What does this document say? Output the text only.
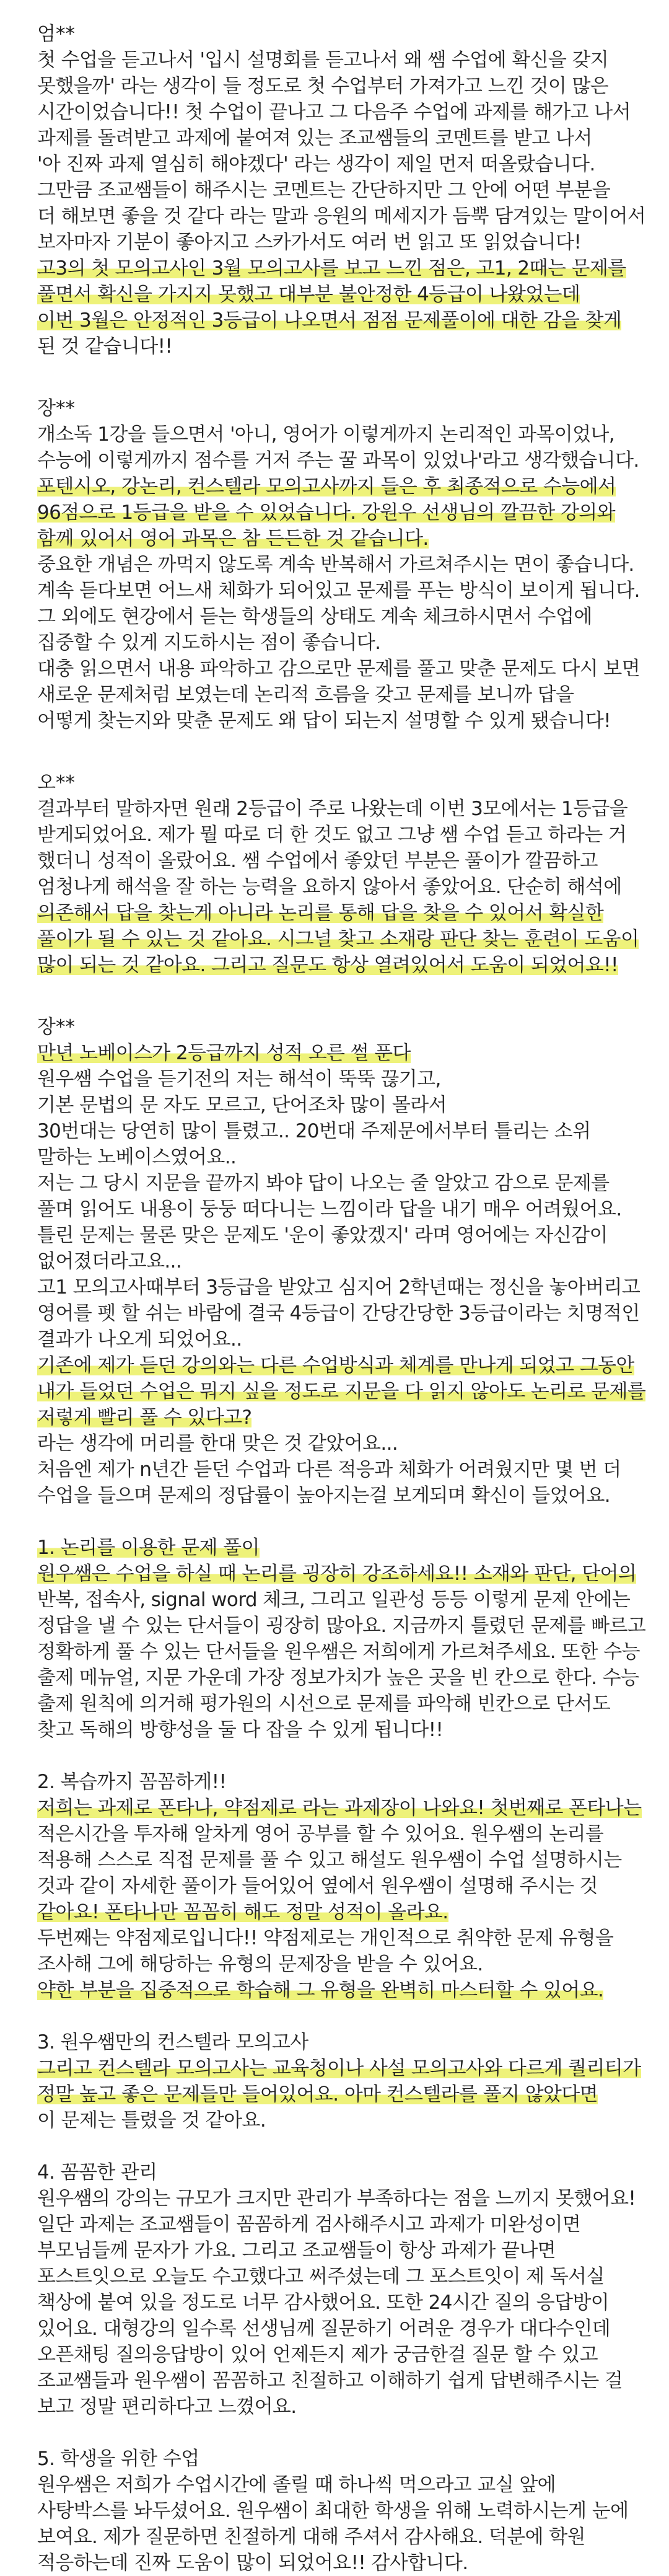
엄**
첫 수업을 듣고나서 '입시 설명회를 듣고나서 왜 쌤 수업에 확신을 갖지
못했을까' 라는 생각이 들 정도로 첫 수업부터 가져가고 느낀 것이 많은
시간이었습니다!! 첫 수업이 끝나고 그 다음주 수업에 과제를 해가고 나서
과제를 돌려받고 과제에 붙여져 있는 조교쌤들의 코멘트를 받고 나서
'아 진짜 과제 열심히 해야겠다' 라는 생각이 제일 먼저 떠올랐습니다.
그만큼 조교쌤들이 해주시는 코멘트는 간단하지만 그 안에 어떤 부분을
더 해보면 좋을 것 같다 라는 말과 응원의 메세지가 듬뿍 담겨있는 말이어서
보자마자 기분이 좋아지고 스카가서도 여러 번 읽고 또 읽었습니다!
고3의 첫 모의고사인 3월 모의고사를 보고 느낀 점은, 고1, 2때는 문제를
풀면서 확신을 가지지 못했고 대부분 불안정한 4등급이 나왔었는데
이번 3월은 안정적인 3등급이 나오면서 점점 문제풀이에 대한 감을 찾게
된 것 같습니다!!
장**
개소독 1강을 들으면서 '아니, 영어가 이렇게까지 논리적인 과목이었나,
수능에 이렇게까지 점수를 거저 주는 꿀 과목이 있었나'라고 생각했습니다.
포텐시오, 강논리, 컨스텔라 모의고사까지 들은 후 최종적으로 수능에서
96점으로 1등급을 받을 수 있었습니다. 강원우 선생님의 깔끔한 강의와
함께 있어서 영어 과목은 참 든든한 것 같습니다.
중요한 개념은 까먹지 않도록 계속 반복해서 가르쳐주시는 면이 좋습니다.
계속 듣다보면 어느새 체화가 되어있고 문제를 푸는 방식이 보이게 됩니다.
그 외에도 현강에서 듣는 학생들의 상태도 계속 체크하시면서 수업에
집중할 수 있게 지도하시는 점이 좋습니다.
대충 읽으면서 내용 파악하고 감으로만 문제를 풀고 맞춘 문제도 다시 보면
새로운 문제처럼 보였는데 논리적 흐름을 갖고 문제를 보니까 답을
어떻게 찾는지와 맞춘 문제도 왜 답이 되는지 설명할 수 있게 됐습니다!
오**
결과부터 말하자면 원래 2등급이 주로 나왔는데 이번 3모에서는 1등급을
받게되었어요. 제가 뭘 따로 더 한 것도 없고 그냥 쌤 수업 듣고 하라는 거
했더니 성적이 올랐어요. 쌤 수업에서 좋았던 부분은 풀이가 깔끔하고
엄청나게 해석을 잘 하는 능력을 요하지 않아서 좋았어요. 단순히 해석에
의존해서 답을 찾는게 아니라 논리를 통해 답을 찾을 수 있어서 확실한
풀이가 될 수 있는 것 같아요. 시그널 찾고 소재랑 판단 찾는 훈련이 도움이
많이 되는 것 같아요. 그리고 질문도 항상 열려있어서 도움이 되었어요!!
장**
만년 노베이스가 2등급까지 성적 오른 썰 푼다
원우쌤 수업을 듣기전의 저는 해석이 뚝뚝 끊기고,
기본 문법의 문 자도 모르고, 단어조차 많이 몰라서
30번대는 당연히 많이 틀렸고.. 20번대 주제문에서부터 틀리는 소위
말하는 노베이스였어요..
저는 그 당시 지문을 끝까지 봐야 답이 나오는 줄 알았고 감으로 문제를
풀며 읽어도 내용이 둥둥 떠다니는 느낌이라 답을 내기 매우 어려웠어요.
틀린 문제는 물론 맞은 문제도 '운이 좋았겠지' 라며 영어에는 자신감이
없어졌더라고요...
고1 모의고사때부터 3등급을 받았고 심지어 2학년때는 정신을 놓아버리고
영어를 펫 할 쉬는 바람에 결국 4등급이 간당간당한 3등급이라는 치명적인
결과가 나오게 되었어요..
기존에 제가 듣던 강의와는 다른 수업방식과 체계를 만나게 되었고 그동안
내가 들었던 수업은 뭐지 싶을 정도로 지문을 다 읽지 않아도 논리로 문제를
저렇게 빨리 풀 수 있다고?
라는 생각에 머리를 한대 맞은 것 같았어요...
처음엔 제가 n년간 듣던 수업과 다른 적응과 체화가 어려웠지만 몇 번 더
수업을 들으며 문제의 정답률이 높아지는걸 보게되며 확신이 들었어요.
1. 논리를 이용한 문제 풀이
원우쌤은 수업을 하실 때 논리를 굉장히 강조하세요!! 소재와 판단, 단어의
반복, 접속사, signal word 체크, 그리고 일관성 등등 이렇게 문제 안에는
정답을 낼 수 있는 단서들이 굉장히 많아요. 지금까지 틀렸던 문제를 빠르고
정확하게 풀 수 있는 단서들을 원우쌤은 저희에게 가르쳐주세요. 또한 수능
출제 메뉴얼, 지문 가운데 가장 정보가치가 높은 곳을 빈 칸으로 한다. 수능
출제 원칙에 의거해 평가원의 시선으로 문제를 파악해 빈칸으로 단서도
찾고 독해의 방향성을 둘 다 잡을 수 있게 됩니다!!
2. 복습까지 꼼꼼하게!!
저희는 과제로 폰타나, 약점제로 라는 과제장이 나와요! 첫번째로 폰타나는
적은시간을 투자해 알차게 영어 공부를 할 수 있어요. 원우쌤의 논리를
적용해 스스로 직접 문제를 풀 수 있고 해설도 원우쌤이 수업 설명하시는
것과 같이 자세한 풀이가 들어있어 옆에서 원우쌤이 설명해 주시는 것
같아요! 폰타나만 꼼꼼히 해도 정말 성적이 올라요.
두번째는 약점제로입니다!! 약점제로는 개인적으로 취약한 문제 유형을
조사해 그에 해당하는 유형의 문제장을 받을 수 있어요.
약한 부분을 집중적으로 학습해 그 유형을 완벽히 마스터할 수 있어요.
3. 원우쌤만의 컨스텔라 모의고사
그리고 컨스텔라 모의고사는 교육청이나 사설 모의고사와 다르게 퀄리티가
정말 높고 좋은 문제들만 들어있어요. 아마 컨스텔라를 풀지 않았다면
이 문제는 틀렸을 것 같아요.
4. 꼼꼼한 관리
원우쌤의 강의는 규모가 크지만 관리가 부족하다는 점을 느끼지 못했어요!
일단 과제는 조교쌤들이 꼼꼼하게 검사해주시고 과제가 미완성이면
부모님들께 문자가 가요. 그리고 조교쌤들이 항상 과제가 끝나면
포스트잇으로 오늘도 수고했다고 써주셨는데 그 포스트잇이 제 독서실
책상에 붙여 있을 정도로 너무 감사했어요. 또한 24시간 질의 응답방이
있어요. 대형강의 일수록 선생님께 질문하기 어려운 경우가 대다수인데
오픈채팅 질의응답방이 있어 언제든지 제가 궁금한걸 질문 할 수 있고
조교쌤들과 원우쌤이 꼼꼼하고 친절하고 이해하기 쉽게 답변해주시는 걸
보고 정말 편리하다고 느꼈어요.
5. 학생을 위한 수업
원우쌤은 저희가 수업시간에 졸릴 때 하나씩 먹으라고 교실 앞에
사탕박스를 놔두셨어요. 원우쌤이 최대한 학생을 위해 노력하시는게 눈에
보여요. 제가 질문하면 친절하게 대해 주셔서 감사해요. 덕분에 학원
적응하는데 진짜 도움이 많이 되었어요!! 감사합니다.
